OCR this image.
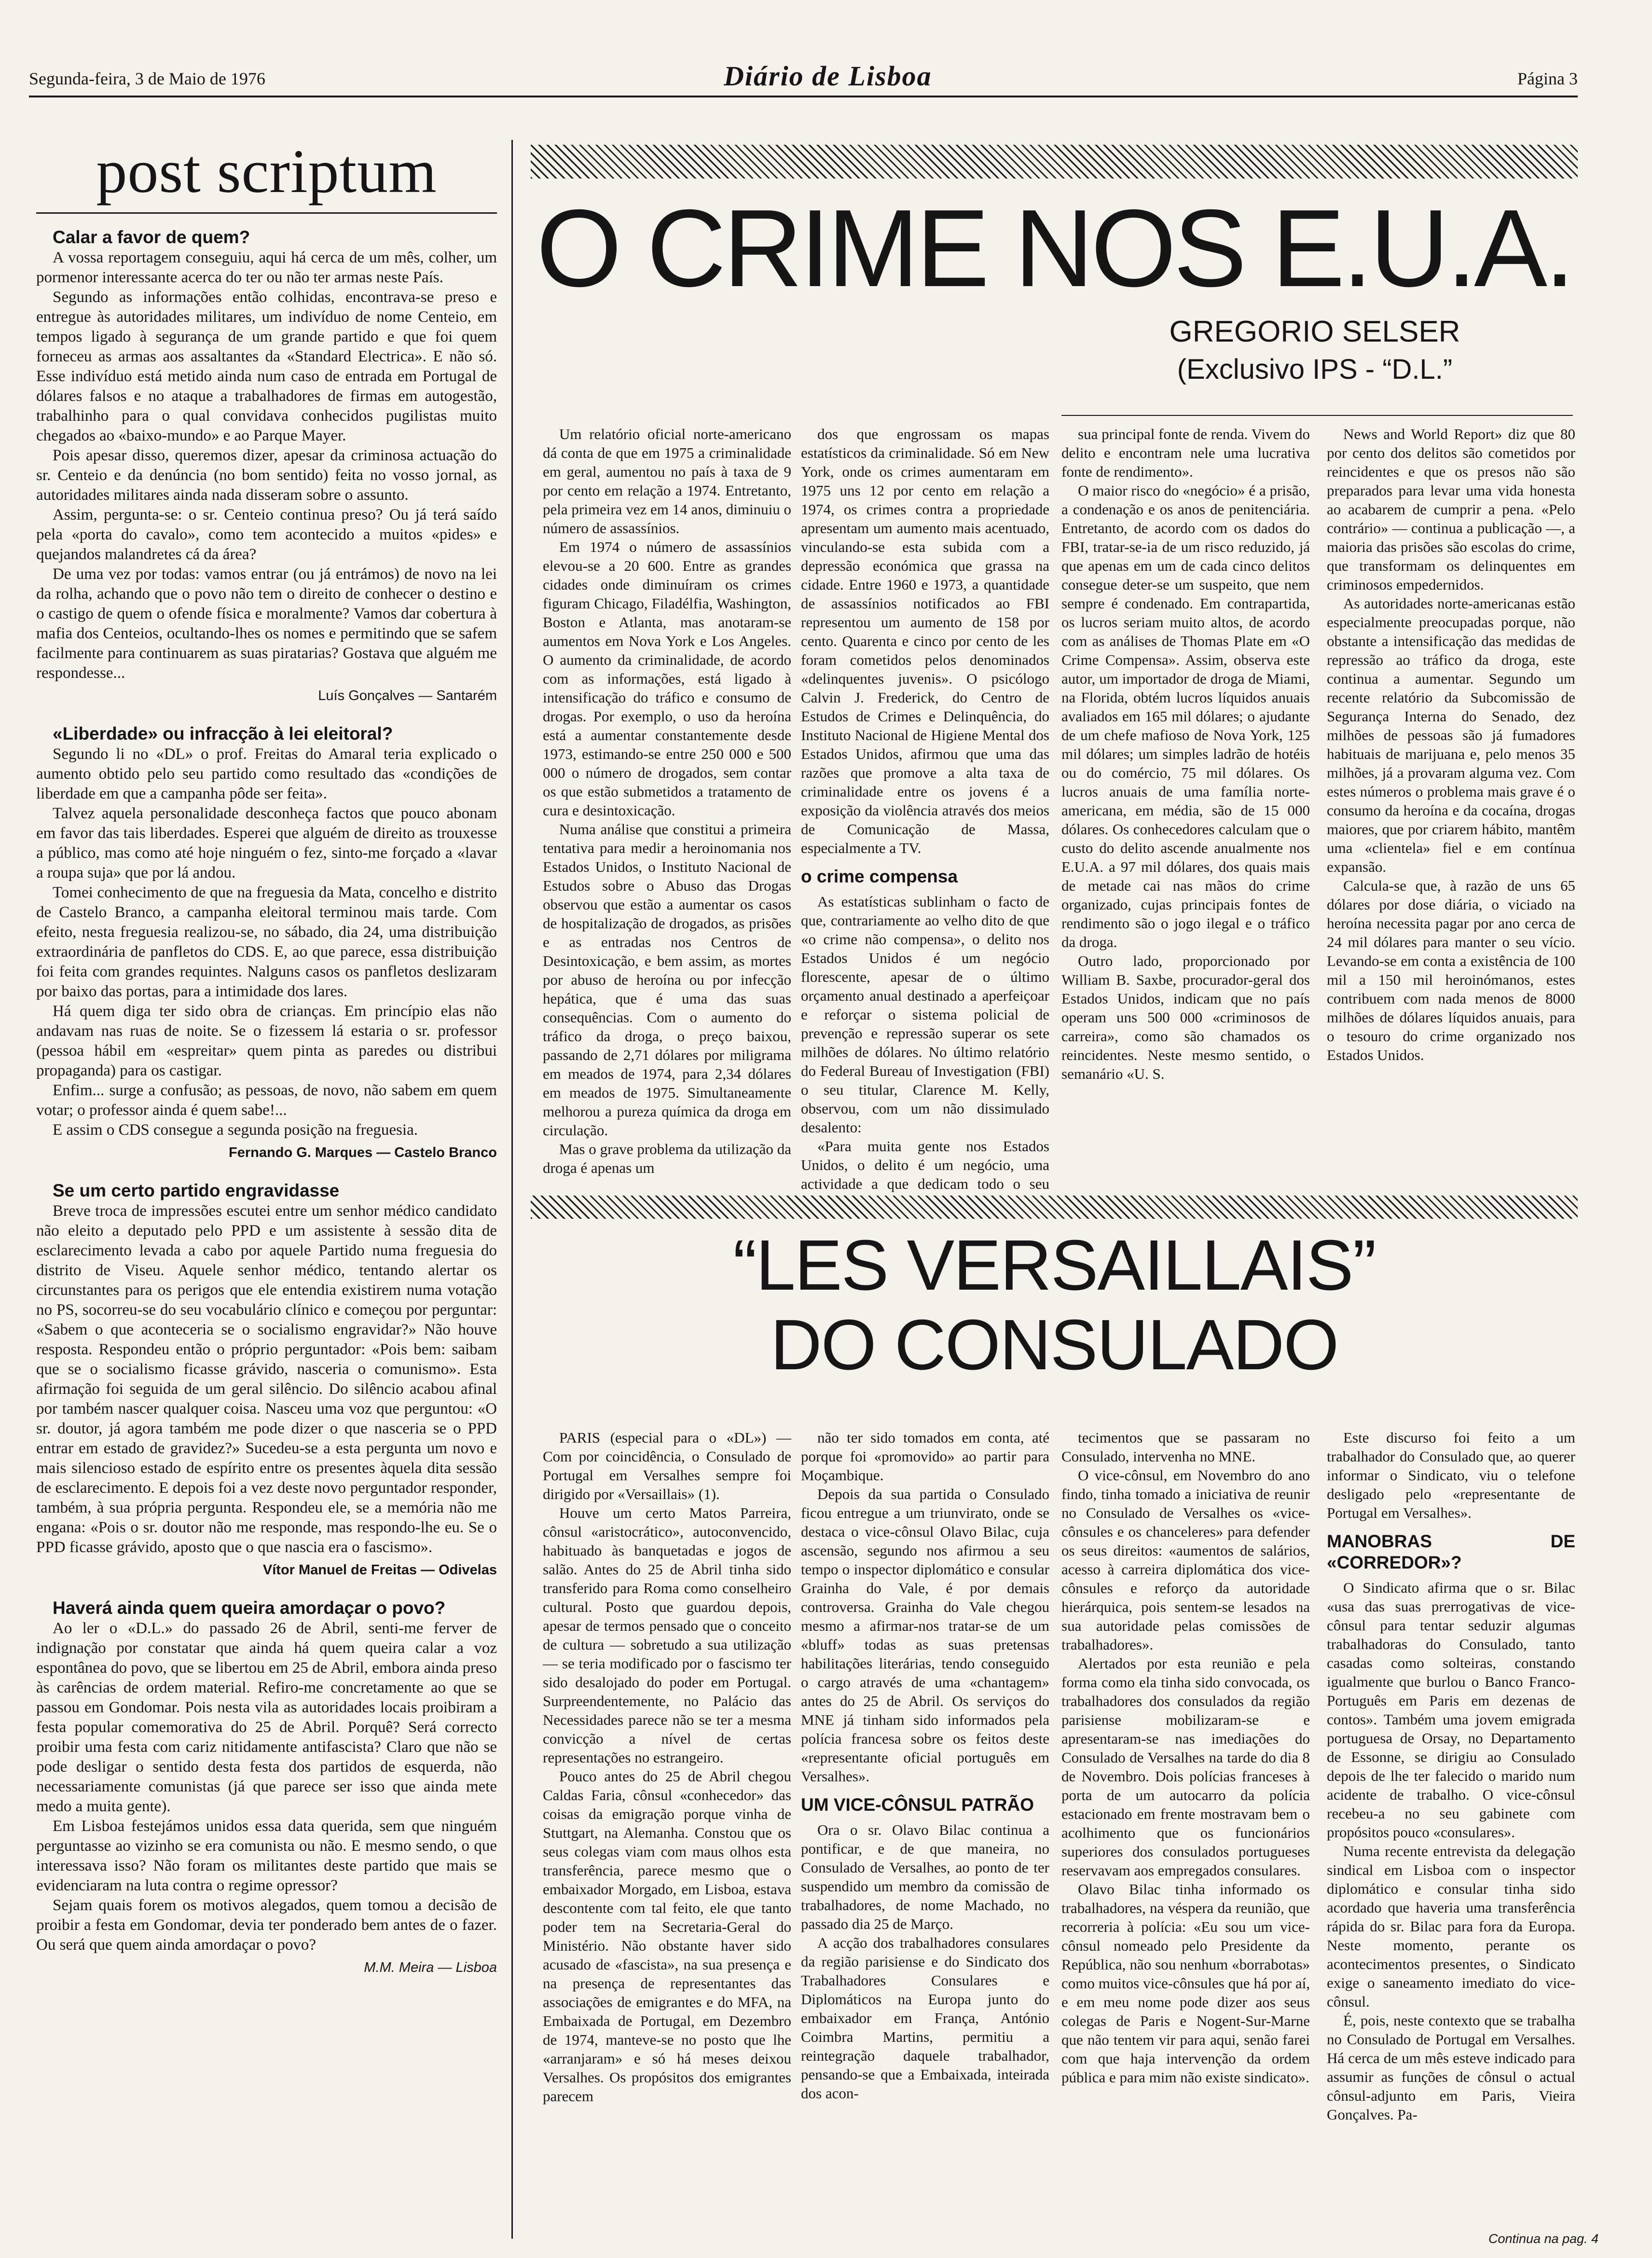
Segunda-feira, 3 de Maio de 1976	Diário de Lisboa	Página 3
post scriptum

Calar a favor de quem?

A vossa reportagem conseguiu, aqui há cerca de um mês, colher, um pormenor interessante acerca do ter ou não ter armas neste País.

Segundo as informações então colhidas, encontrava-se preso e entregue às autoridades militares, um indivíduo de nome Centeio, em tempos ligado à segurança de um grande partido e que foi quem forneceu as armas aos assaltantes da «Standard Electrica». E não só. Esse indivíduo está metido ainda num caso de entrada em Portugal de dólares falsos e no ataque a trabalhadores de firmas em autogestão, trabalhinho para o qual convidava conhecidos pugilistas muito chegados ao «baixo-mundo» e ao Parque Mayer.

Pois apesar disso, queremos dizer, apesar da criminosa actuação do sr. Centeio e da denúncia (no bom sentido) feita no vosso jornal, as autoridades militares ainda nada disseram sobre o assunto.

Assim, pergunta-se: o sr. Centeio continua preso? Ou já terá saído pela «porta do cavalo», como tem acontecido a muitos «pides» e quejandos malandretes cá da área?

De uma vez por todas: vamos entrar (ou já entrámos) de novo na lei da rolha, achando que o povo não tem o direito de conhecer o destino e o castigo de quem o ofende física e moralmente? Vamos dar cobertura à mafia dos Centeios, ocultando-lhes os nomes e permitindo que se safem facilmente para continuarem as suas piratarias? Gostava que alguém me respondesse...

Luís Gonçalves — Santarém

«Liberdade» ou infracção à lei eleitoral?

Segundo li no «DL» o prof. Freitas do Amaral teria explicado o aumento obtido pelo seu partido como resultado das «condições de liberdade em que a campanha pôde ser feita».

Talvez aquela personalidade desconheça factos que pouco abonam em favor das tais liberdades. Esperei que alguém de direito as trouxesse a público, mas como até hoje ninguém o fez, sinto-me forçado a «lavar a roupa suja» que por lá andou.

Tomei conhecimento de que na freguesia da Mata, concelho e distrito de Castelo Branco, a campanha eleitoral terminou mais tarde. Com efeito, nesta freguesia realizou-se, no sábado, dia 24, uma distribuição extraordinária de panfletos do CDS. E, ao que parece, essa distribuição foi feita com grandes requintes. Nalguns casos os panfletos deslizaram por baixo das portas, para a intimidade dos lares.

Há quem diga ter sido obra de crianças. Em princípio elas não andavam nas ruas de noite. Se o fizessem lá estaria o sr. professor (pessoa hábil em «espreitar» quem pinta as paredes ou distribui propaganda) para os castigar.

Enfim... surge a confusão; as pessoas, de novo, não sabem em quem votar; o professor ainda é quem sabe!...

E assim o CDS consegue a segunda posição na freguesia.

Fernando G. Marques — Castelo Branco

Se um certo partido engravidasse

Breve troca de impressões escutei entre um senhor médico candidato não eleito a deputado pelo PPD e um assistente à sessão dita de esclarecimento levada a cabo por aquele Partido numa freguesia do distrito de Viseu. Aquele senhor médico, tentando alertar os circunstantes para os perigos que ele entendia existirem numa votação no PS, socorreu-se do seu vocabulário clínico e começou por perguntar: «Sabem o que aconteceria se o socialismo engravidar?» Não houve resposta. Respondeu então o próprio perguntador: «Pois bem: saibam que se o socialismo ficasse grávido, nasceria o comunismo». Esta afirmação foi seguida de um geral silêncio. Do silêncio acabou afinal por também nascer qualquer coisa. Nasceu uma voz que perguntou: «O sr. doutor, já agora também me pode dizer o que nasceria se o PPD entrar em estado de gravidez?» Sucedeu-se a esta pergunta um novo e mais silencioso estado de espírito entre os presentes àquela dita sessão de esclarecimento. E depois foi a vez deste novo perguntador responder, também, à sua própria pergunta. Respondeu ele, se a memória não me engana: «Pois o sr. doutor não me responde, mas respondo-lhe eu. Se o PPD ficasse grávido, aposto que o que nascia era o fascismo».

Vítor Manuel de Freitas — Odivelas

Haverá ainda quem queira amordaçar o povo?

Ao ler o «D.L.» do passado 26 de Abril, senti-me ferver de indignação por constatar que ainda há quem queira calar a voz espontânea do povo, que se libertou em 25 de Abril, embora ainda preso às carências de ordem material. Refiro-me concretamente ao que se passou em Gondomar. Pois nesta vila as autoridades locais proibiram a festa popular comemorativa do 25 de Abril. Porquê? Será correcto proibir uma festa com cariz nitidamente antifascista? Claro que não se pode desligar o sentido desta festa dos partidos de esquerda, não necessariamente comunistas (já que parece ser isso que ainda mete medo a muita gente).

Em Lisboa festejámos unidos essa data querida, sem que ninguém perguntasse ao vizinho se era comunista ou não. E mesmo sendo, o que interessava isso? Não foram os militantes deste partido que mais se evidenciaram na luta contra o regime opressor?

Sejam quais forem os motivos alegados, quem tomou a decisão de proibir a festa em Gondomar, devia ter ponderado bem antes de o fazer. Ou será que quem ainda amordaçar o povo?

M.M. Meira — Lisboa

O CRIME NOS E.U.A.
GREGORIO SELSER
(Exclusivo IPS - “D.L.”

Um relatório oficial norte-americano dá conta de que em 1975 a criminalidade em geral, aumentou no país à taxa de 9 por cento em relação a 1974. Entretanto, pela primeira vez em 14 anos, diminuiu o número de assassínios.

Em 1974 o número de assassínios elevou-se a 20 600. Entre as grandes cidades onde diminuíram os crimes figuram Chicago, Filadélfia, Washington, Boston e Atlanta, mas anotaram-se aumentos em Nova York e Los Angeles. O aumento da criminalidade, de acordo com as informações, está ligado à intensificação do tráfico e consumo de drogas. Por exemplo, o uso da heroína está a aumentar constantemente desde 1973, estimando-se entre 250 000 e 500 000 o número de drogados, sem contar os que estão submetidos a tratamento de cura e desintoxicação.

Numa análise que constitui a primeira tentativa para medir a heroinomania nos Estados Unidos, o Instituto Nacional de Estudos sobre o Abuso das Drogas observou que estão a aumentar os casos de hospitalização de drogados, as prisões e as entradas nos Centros de Desintoxicação, e bem assim, as mortes por abuso de heroína ou por infecção hepática, que é uma das suas consequências. Com o aumento do tráfico da droga, o preço baixou, passando de 2,71 dólares por miligrama em meados de 1974, para 2,34 dólares em meados de 1975. Simultaneamente melhorou a pureza química da droga em circulação.

Mas o grave problema da utilização da droga é apenas um

dos que engrossam os mapas estatísticos da criminalidade. Só em New York, onde os crimes aumentaram em 1975 uns 12 por cento em relação a 1974, os crimes contra a propriedade apresentam um aumento mais acentuado, vinculando-se esta subida com a depressão económica que grassa na cidade. Entre 1960 e 1973, a quantidade de assassínios notificados ao FBI representou um aumento de 158 por cento. Quarenta e cinco por cento de les foram cometidos pelos denominados «delinquentes juvenis». O psicólogo Calvin J. Frederick, do Centro de Estudos de Crimes e Delinquência, do Instituto Nacional de Higiene Mental dos Estados Unidos, afirmou que uma das razões que promove a alta taxa de criminalidade entre os jovens é a exposição da violência através dos meios de Comunicação de Massa, especialmente a TV.

o crime compensa

As estatísticas sublinham o facto de que, contrariamente ao velho dito de que «o crime não compensa», o delito nos Estados Unidos é um negócio florescente, apesar de o último orçamento anual destinado a aperfeiçoar e reforçar o sistema policial de prevenção e repressão superar os sete milhões de dólares. No último relatório do Federal Bureau of Investigation (FBI) o seu titular, Clarence M. Kelly, observou, com um não dissimulado desalento:

«Para muita gente nos Estados Unidos, o delito é um negócio, uma actividade a que dedicam todo o seu

sua principal fonte de renda. Vivem do delito e encontram nele uma lucrativa fonte de rendimento».

O maior risco do «negócio» é a prisão, a condenação e os anos de penitenciária. Entretanto, de acordo com os dados do FBI, tratar-se-ia de um risco reduzido, já que apenas em um de cada cinco delitos consegue deter-se um suspeito, que nem sempre é condenado. Em contrapartida, os lucros seriam muito altos, de acordo com as análises de Thomas Plate em «O Crime Compensa». Assim, observa este autor, um importador de droga de Miami, na Florida, obtém lucros líquidos anuais avaliados em 165 mil dólares; o ajudante de um chefe mafioso de Nova York, 125 mil dólares; um simples ladrão de hotéis ou do comércio, 75 mil dólares. Os lucros anuais de uma família norte-americana, em média, são de 15 000 dólares. Os conhecedores calculam que o custo do delito ascende anualmente nos E.U.A. a 97 mil dólares, dos quais mais de metade cai nas mãos do crime organizado, cujas principais fontes de rendimento são o jogo ilegal e o tráfico da droga.

Outro lado, proporcionado por William B. Saxbe, procurador-geral dos Estados Unidos, indicam que no país operam uns 500 000 «criminosos de carreira», como são chamados os reincidentes. Neste mesmo sentido, o semanário «U. S.

News and World Report» diz que 80 por cento dos delitos são cometidos por reincidentes e que os presos não são preparados para levar uma vida honesta ao acabarem de cumprir a pena. «Pelo contrário» — continua a publicação —, a maioria das prisões são escolas do crime, que transformam os delinquentes em criminosos empedernidos.

As autoridades norte-americanas estão especialmente preocupadas porque, não obstante a intensificação das medidas de repressão ao tráfico da droga, este continua a aumentar. Segundo um recente relatório da Subcomissão de Segurança Interna do Senado, dez milhões de pessoas são já fumadores habituais de marijuana e, pelo menos 35 milhões, já a provaram alguma vez. Com estes números o problema mais grave é o consumo da heroína e da cocaína, drogas maiores, que por criarem hábito, mantêm uma «clientela» fiel e em contínua expansão.

Calcula-se que, à razão de uns 65 dólares por dose diária, o viciado na heroína necessita pagar por ano cerca de 24 mil dólares para manter o seu vício. Levando-se em conta a existência de 100 mil a 150 mil heroinómanos, estes contribuem com nada menos de 8000 milhões de dólares líquidos anuais, para o tesouro do crime organizado nos Estados Unidos.

“LES VERSAILLAIS”
DO CONSULADO

PARIS (especial para o «DL») — Com por coincidência, o Consulado de Portugal em Versalhes sempre foi dirigido por «Versaillais» (1).

Houve um certo Matos Parreira, cônsul «aristocrático», autoconvencido, habituado às banquetadas e jogos de salão. Antes do 25 de Abril tinha sido transferido para Roma como conselheiro cultural. Posto que guardou depois, apesar de termos pensado que o conceito de cultura — sobretudo a sua utilização — se teria modificado por o fascismo ter sido desalojado do poder em Portugal. Surpreendentemente, no Palácio das Necessidades parece não se ter a mesma convicção a nível de certas representações no estrangeiro.

Pouco antes do 25 de Abril chegou Caldas Faria, cônsul «conhecedor» das coisas da emigração porque vinha de Stuttgart, na Alemanha. Constou que os seus colegas viam com maus olhos esta transferência, parece mesmo que o embaixador Morgado, em Lisboa, estava descontente com tal feito, ele que tanto poder tem na Secretaria-Geral do Ministério. Não obstante haver sido acusado de «fascista», na sua presença e na presença de representantes das associações de emigrantes e do MFA, na Embaixada de Portugal, em Dezembro de 1974, manteve-se no posto que lhe «arranjaram» e só há meses deixou Versalhes. Os propósitos dos emigrantes parecem

não ter sido tomados em conta, até porque foi «promovido» ao partir para Moçambique.

Depois da sua partida o Consulado ficou entregue a um triunvirato, onde se destaca o vice-cônsul Olavo Bilac, cuja ascensão, segundo nos afirmou a seu tempo o inspector diplomático e consular Grainha do Vale, é por demais controversa. Grainha do Vale chegou mesmo a afirmar-nos tratar-se de um «bluff» todas as suas pretensas habilitações literárias, tendo conseguido o cargo através de uma «chantagem» antes do 25 de Abril. Os serviços do MNE já tinham sido informados pela polícia francesa sobre os feitos deste «representante oficial português em Versalhes».

UM VICE-CÔNSUL PATRÃO

Ora o sr. Olavo Bilac continua a pontificar, e de que maneira, no Consulado de Versalhes, ao ponto de ter suspendido um membro da comissão de trabalhadores, de nome Machado, no passado dia 25 de Março.

A acção dos trabalhadores consulares da região parisiense e do Sindicato dos Trabalhadores Consulares e Diplomáticos na Europa junto do embaixador em França, António Coimbra Martins, permitiu a reintegração daquele trabalhador, pensando-se que a Embaixada, inteirada dos acon-

tecimentos que se passaram no Consulado, intervenha no MNE.

O vice-cônsul, em Novembro do ano findo, tinha tomado a iniciativa de reunir no Consulado de Versalhes os «vice-cônsules e os chanceleres» para defender os seus direitos: «aumentos de salários, acesso à carreira diplomática dos vice-cônsules e reforço da autoridade hierárquica, pois sentem-se lesados na sua autoridade pelas comissões de trabalhadores».

Alertados por esta reunião e pela forma como ela tinha sido convocada, os trabalhadores dos consulados da região parisiense mobilizaram-se e apresentaram-se nas imediações do Consulado de Versalhes na tarde do dia 8 de Novembro. Dois polícias franceses à porta de um autocarro da polícia estacionado em frente mostravam bem o acolhimento que os funcionários superiores dos consulados portugueses reservavam aos empregados consulares.

Olavo Bilac tinha informado os trabalhadores, na véspera da reunião, que recorreria à polícia: «Eu sou um vice-cônsul nomeado pelo Presidente da República, não sou nenhum «borrabotas» como muitos vice-cônsules que há por aí, e em meu nome pode dizer aos seus colegas de Paris e Nogent-Sur-Marne que não tentem vir para aqui, senão farei com que haja intervenção da ordem pública e para mim não existe sindicato».

Este discurso foi feito a um trabalhador do Consulado que, ao querer informar o Sindicato, viu o telefone desligado pelo «representante de Portugal em Versalhes».

MANOBRAS DE «CORREDOR»?

O Sindicato afirma que o sr. Bilac «usa das suas prerrogativas de vice-cônsul para tentar seduzir algumas trabalhadoras do Consulado, tanto casadas como solteiras, constando igualmente que burlou o Banco Franco-Português em Paris em dezenas de contos». Também uma jovem emigrada portuguesa de Orsay, no Departamento de Essonne, se dirigiu ao Consulado depois de lhe ter falecido o marido num acidente de trabalho. O vice-cônsul recebeu-a no seu gabinete com propósitos pouco «consulares».

Numa recente entrevista da delegação sindical em Lisboa com o inspector diplomático e consular tinha sido acordado que haveria uma transferência rápida do sr. Bilac para fora da Europa. Neste momento, perante os acontecimentos presentes, o Sindicato exige o saneamento imediato do vice-cônsul.

É, pois, neste contexto que se trabalha no Consulado de Portugal em Versalhes. Há cerca de um mês esteve indicado para assumir as funções de cônsul o actual cônsul-adjunto em Paris, Vieira Gonçalves. Pa-

Continua na pag. 4
